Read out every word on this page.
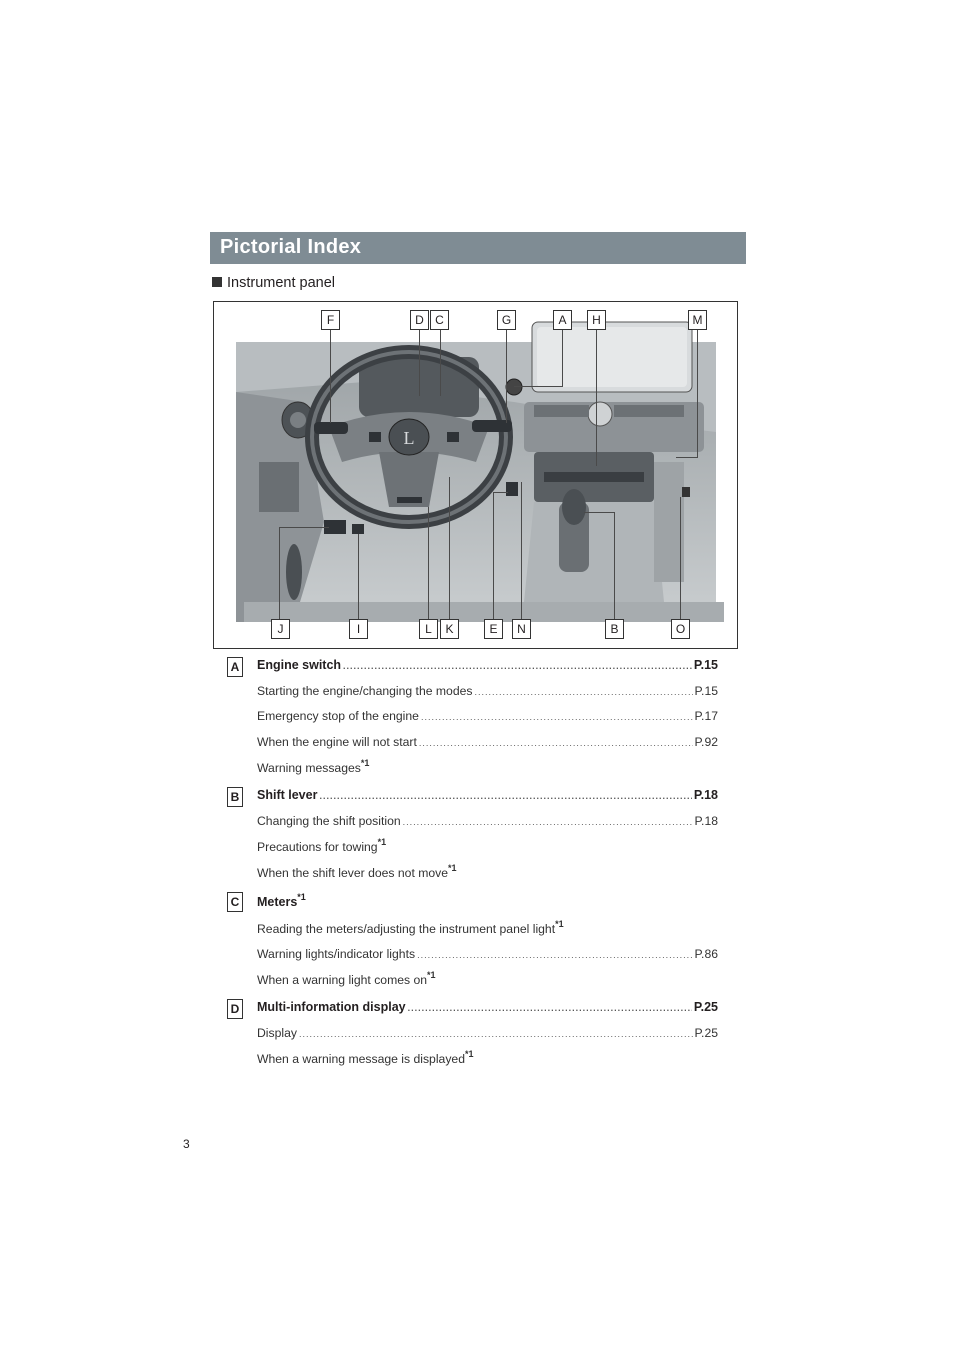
Pictorial Index
Instrument panel
L
F	D C	G	A	H	M
J	I	L	K	E	N	B	O
A Engine switch .....	P.15
Starting the engine/changing the modes .....	P.15
Emergency stop of the engine .....	P.17
When the engine will not start .....	P.92
Warning messages$^{*1}$
B Shift lever .....	P.18
Changing the shift position .....	P.18
Precautions for towing$^{*1}$
When the shift lever does not move$^{*1}$
C Meters$^{*1}$
Reading the meters/adjusting the instrument panel light$^{*1}$
Warning lights/indicator lights .....	P.86
When a warning light comes $on^{*1}$
D Multi-information display .....	P.25
Display .....	P.25
When a warning message is displayed$^{*1}$
3
